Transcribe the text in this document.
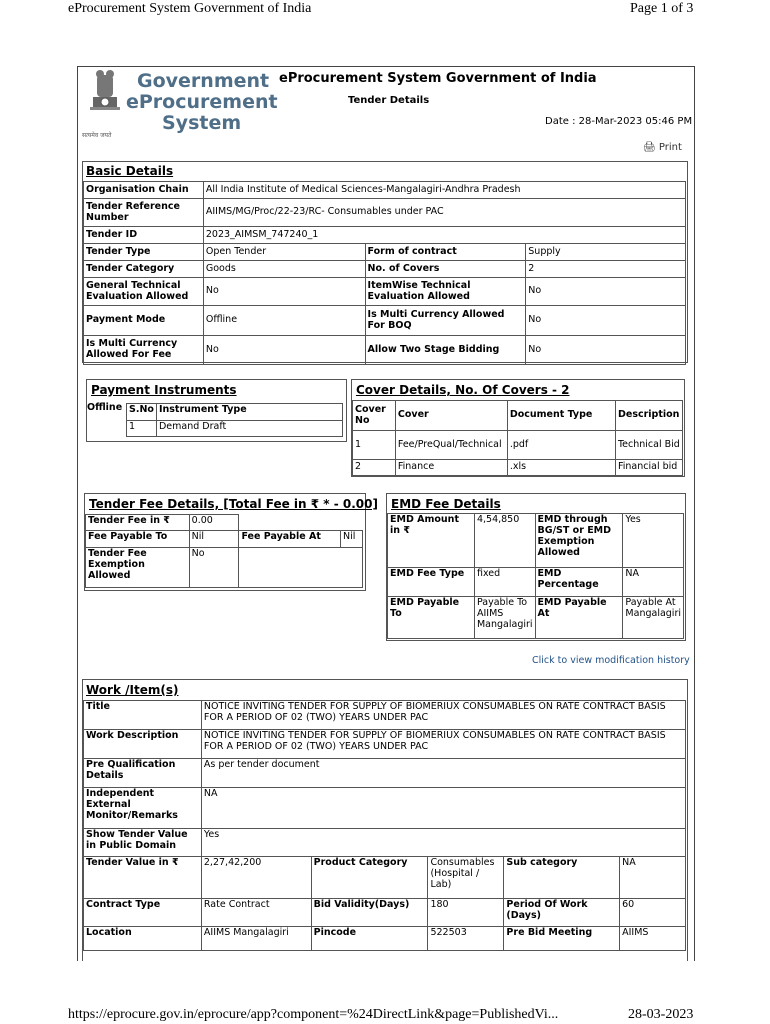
eProcurement System Government of India	Page 1 of 3
Government
eProcurement
System
सत्यमेव जयते
eProcurement System Government of India
Tender Details
Date : 28-Mar-2023 05:46 PM
🖨 Print
Basic Details
Organisation Chain	All India Institute of Medical Sciences-Mangalagiri-Andhra Pradesh		
Tender Reference Number	AIIMS/MG/Proc/22-23/RC- Consumables under PAC		
Tender ID	2023_AIMSM_747240_1		
Tender Type	Open Tender	Form of contract	Supply
Tender Category	Goods	No. of Covers	2
General Technical Evaluation Allowed	No	ItemWise Technical Evaluation Allowed	No
Payment Mode	Offline	Is Multi Currency Allowed For BOQ	No
Is Multi Currency Allowed For Fee	No	Allow Two Stage Bidding	No
Payment Instruments
Offline S.No	Instrument Type
1	Demand Draft
Cover Details, No. Of Covers - 2
Cover No	Cover	Document Type	Description
1	Fee/PreQual/Technical	.pdf	Technical Bid
2	Finance	.xls	Financial bid
Tender Fee Details, [Total Fee in ₹ * - 0.00]
Tender Fee in ₹	0.00		
Fee Payable To	Nil	Fee Payable At	Nil
Tender Fee Exemption Allowed	No		
EMD Fee Details
EMD Amount in ₹	4,54,850	EMD through BG/ST or EMD Exemption Allowed	Yes
EMD Fee Type	fixed	EMD Percentage	NA
EMD Payable To	Payable To AIIMS Mangalagiri	EMD Payable At	Payable At Mangalagiri
Click to view modification history
Work /Item(s)
Title	NOTICE INVITING TENDER FOR SUPPLY OF BIOMERIUX CONSUMABLES ON RATE CONTRACT BASIS FOR A PERIOD OF 02 (TWO) YEARS UNDER PAC				
Work Description	NOTICE INVITING TENDER FOR SUPPLY OF BIOMERIUX CONSUMABLES ON RATE CONTRACT BASIS FOR A PERIOD OF 02 (TWO) YEARS UNDER PAC				
Pre Qualification Details	As per tender document				
Independent External Monitor/Remarks	NA				
Show Tender Value in Public Domain	Yes				
Tender Value in ₹	2,27,42,200	Product Category	Consumables (Hospital / Lab)	Sub category	NA
Contract Type	Rate Contract	Bid Validity(Days)	180	Period Of Work (Days)	60
Location	AIIMS Mangalagiri	Pincode	522503	Pre Bid Meeting	AIIMS
https://eprocure.gov.in/eprocure/app?component=%24DirectLink&page=PublishedVi...	28-03-2023
